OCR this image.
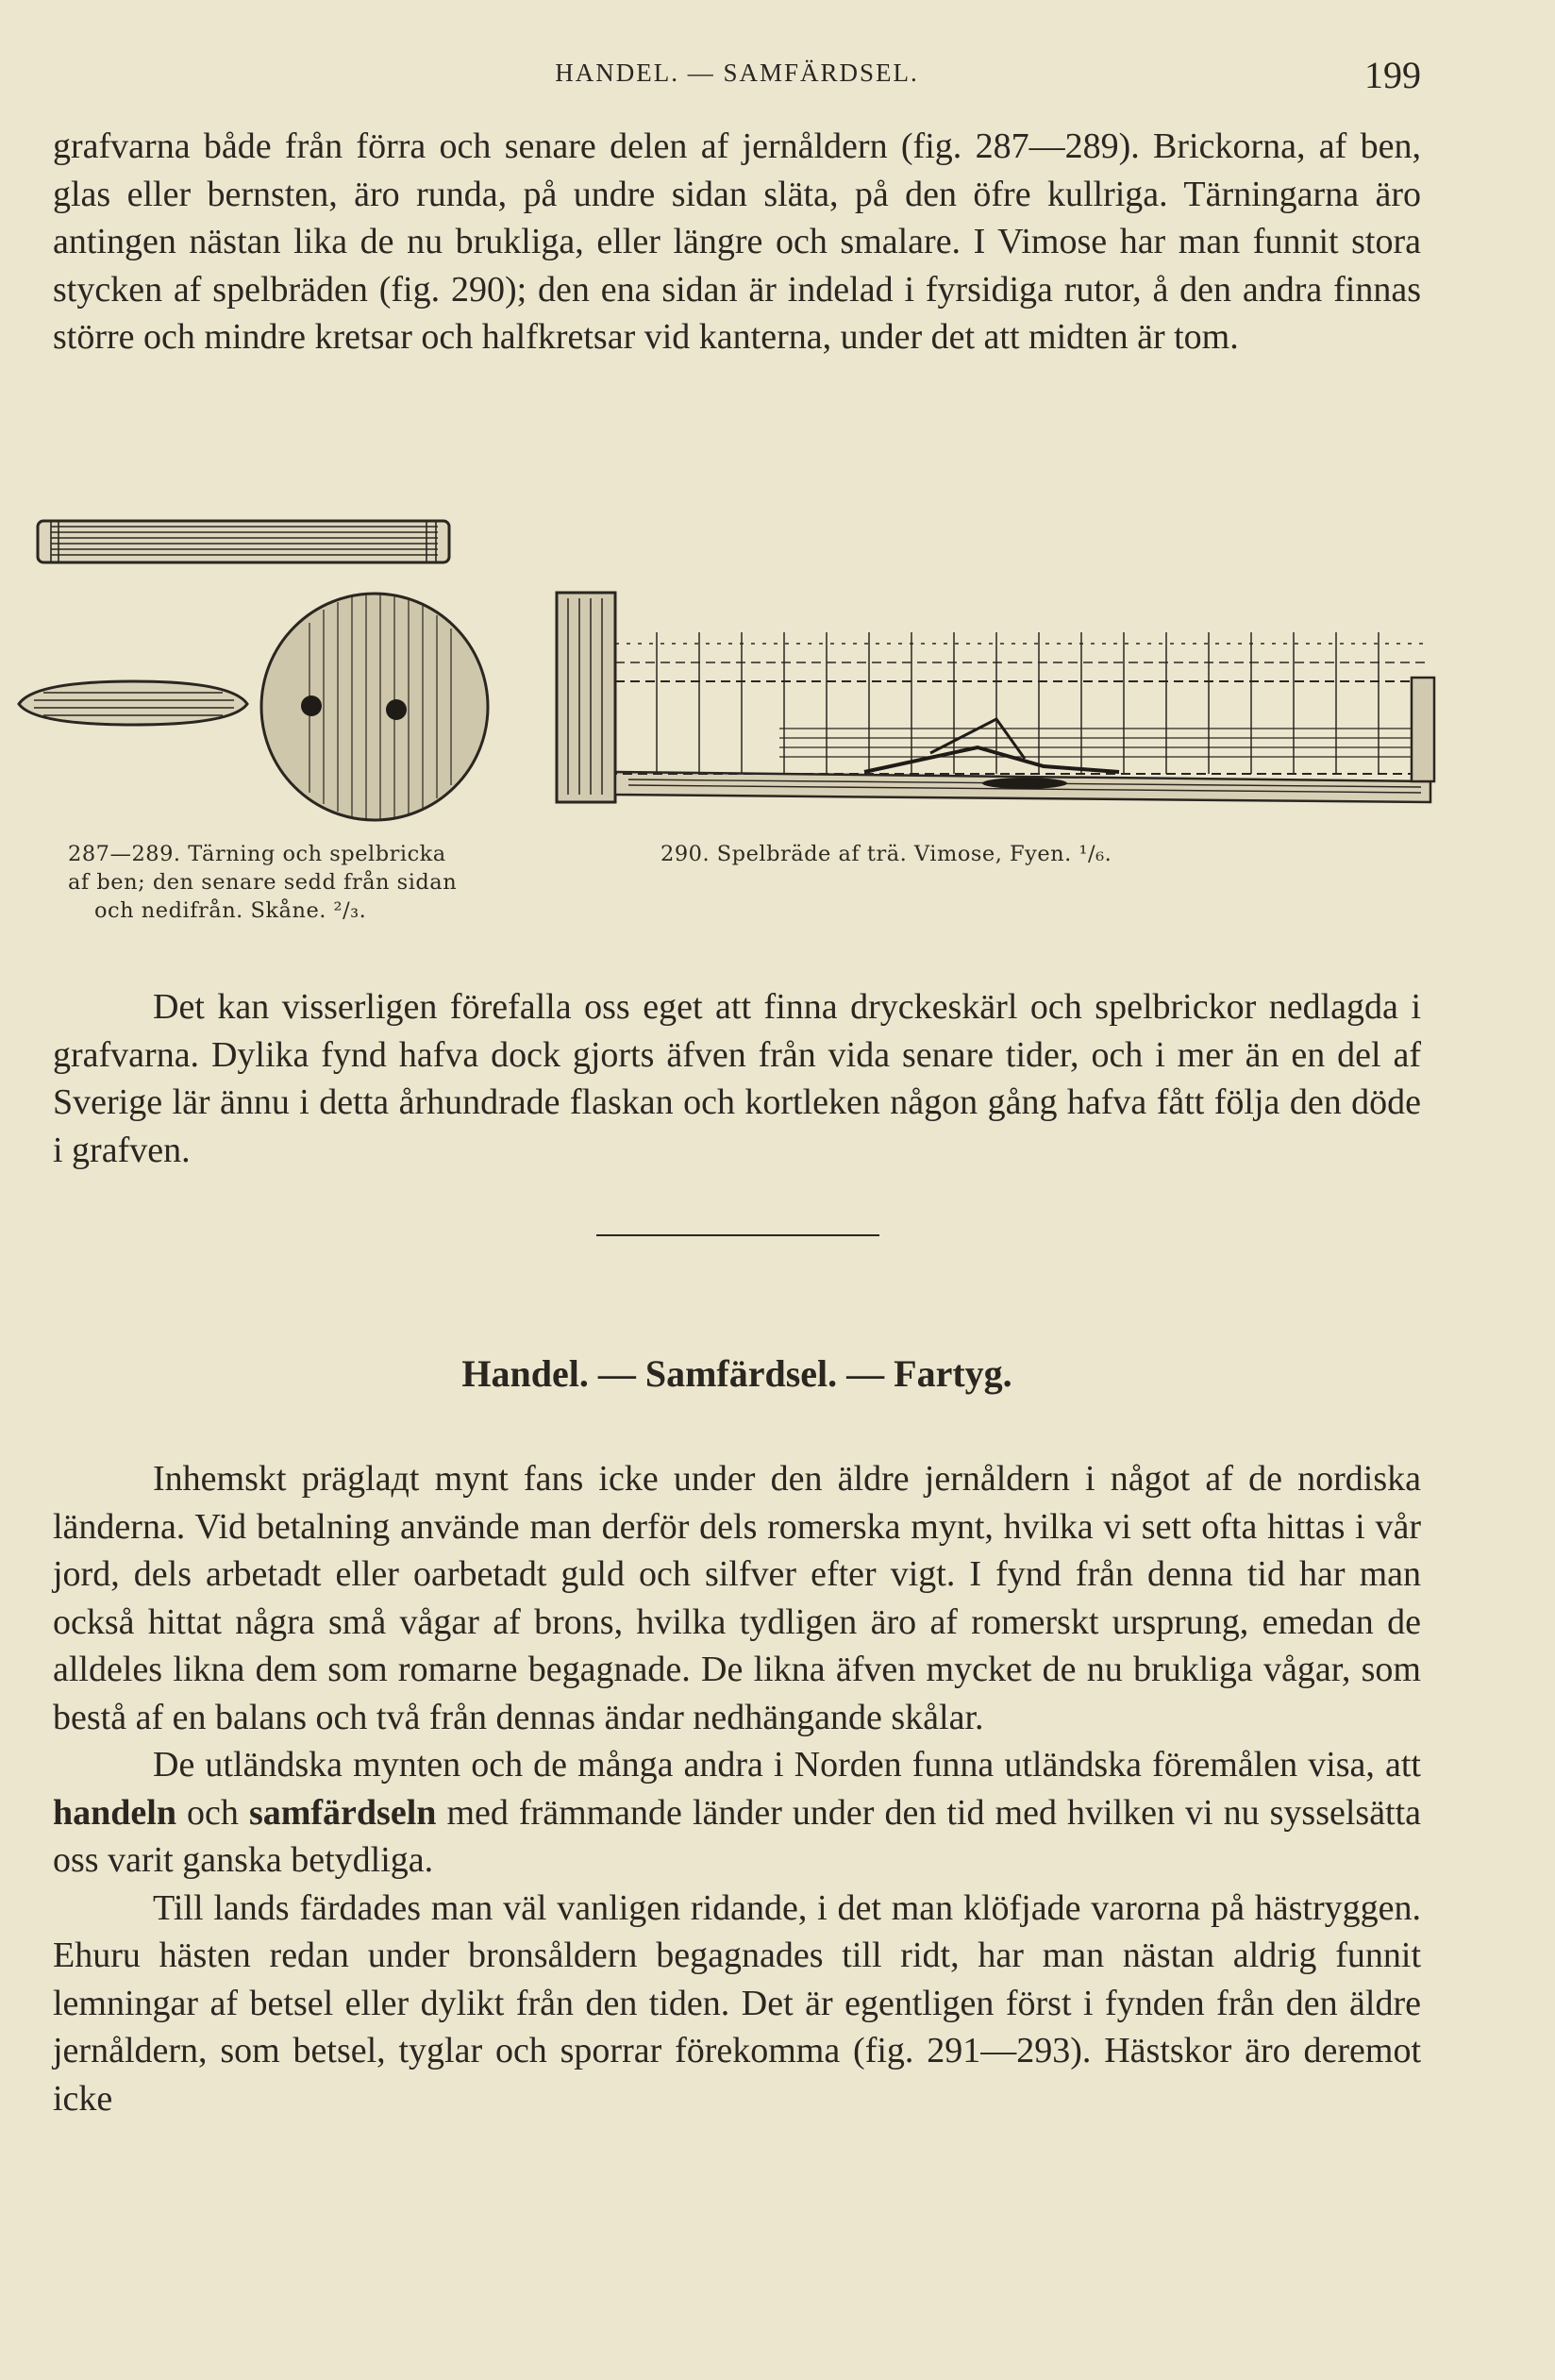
HANDEL. — SAMFÄRDSEL.	199

grafvarna både från förra och senare delen af jernåldern (fig. 287—289). Brickorna, af ben, glas eller bernsten, äro runda, på undre sidan släta, på den öfre kullriga. Tärningarna äro antingen nästan lika de nu brukliga, eller längre och smalare. I Vimose har man funnit stora stycken af spelbräden (fig. 290); den ena sidan är indelad i fyrsidiga rutor, å den andra finnas större och mindre kretsar och halfkretsar vid kanterna, under det att midten är tom.

287—289. Tärning och spelbricka
af ben; den senare sedd från sidan
och nedifrån. Skåne. ²/₃.
290. Spelbräde af trä. Vimose, Fyen. ¹/₆.

Det kan visserligen förefalla oss eget att finna dryckeskärl och spelbrickor nedlagda i grafvarna. Dylika fynd hafva dock gjorts äfven från vida senare tider, och i mer än en del af Sverige lär ännu i detta århundrade flaskan och kortleken någon gång hafva fått följa den döde i grafven.

Handel. — Samfärdsel. — Fartyg.

Inhemskt präglадt mynt fans icke under den äldre jernåldern i något af de nordiska länderna. Vid betalning använde man derför dels romerska mynt, hvilka vi sett ofta hittas i vår jord, dels arbetadt eller oarbetadt guld och silfver efter vigt. I fynd från denna tid har man också hittat några små vågar af brons, hvilka tydligen äro af romerskt ursprung, emedan de alldeles likna dem som romarne begagnade. De likna äfven mycket de nu brukliga vågar, som bestå af en balans och två från dennas ändar nedhängande skålar.

De utländska mynten och de många andra i Norden funna utländska föremålen visa, att handeln och samfärdseln med främmande länder under den tid med hvilken vi nu sysselsätta oss varit ganska betydliga.

Till lands färdades man väl vanligen ridande, i det man klöfjade varorna på hästryggen. Ehuru hästen redan under bronsåldern begagnades till ridt, har man nästan aldrig funnit lemningar af betsel eller dylikt från den tiden. Det är egentligen först i fynden från den äldre jernåldern, som betsel, tyglar och sporrar förekomma (fig. 291—293). Hästskor äro deremot icke
